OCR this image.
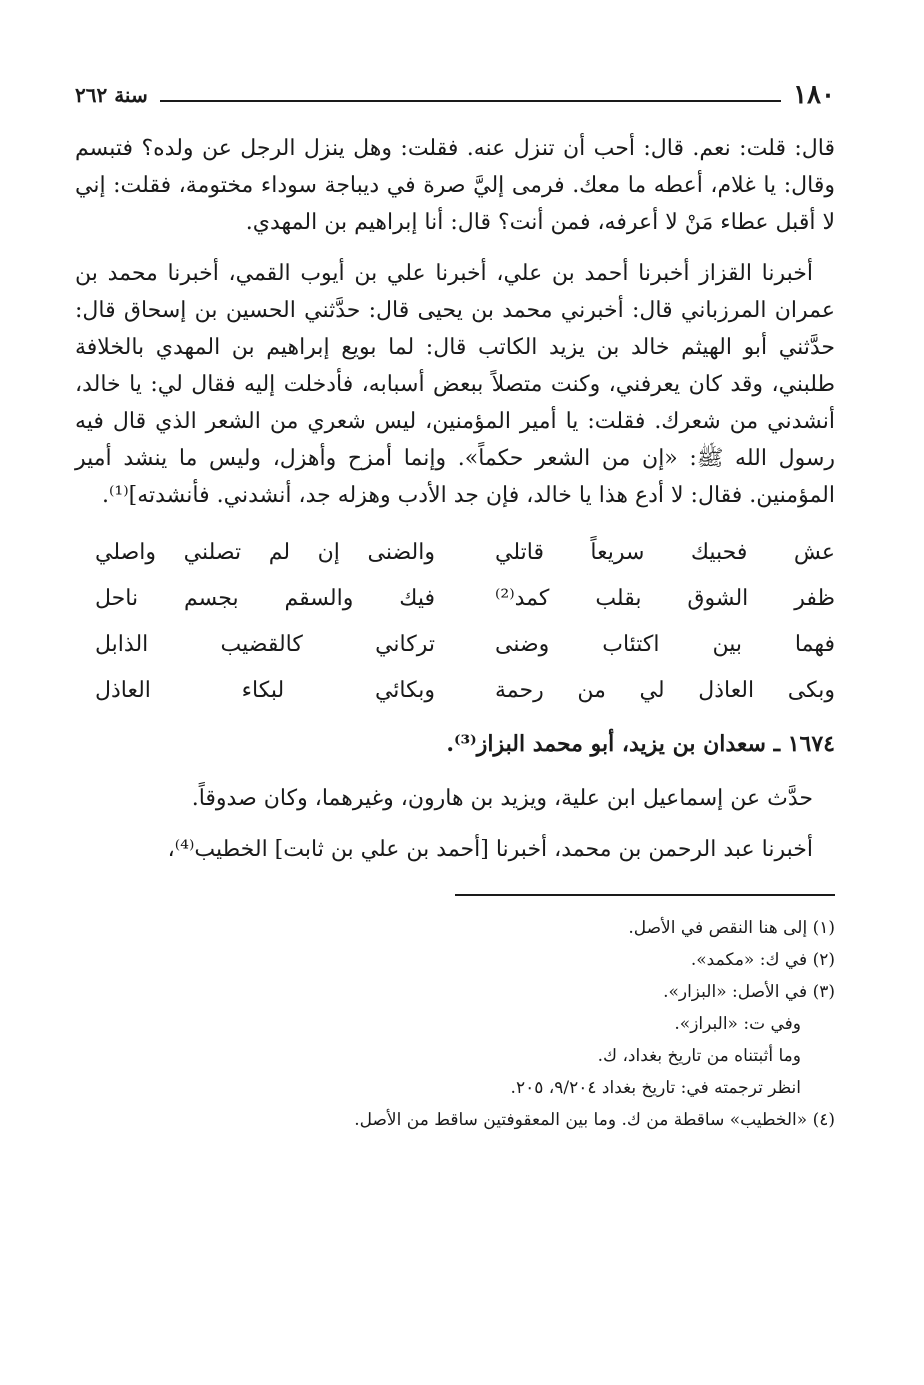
١٨٠
سنة ٢٦٢

قال: قلت: نعم. قال: أحب أن تنزل عنه. فقلت: وهل ينزل الرجل عن ولده؟ فتبسم وقال: يا غلام، أعطه ما معك. فرمى إليَّ صرة في ديباجة سوداء مختومة، فقلت: إني لا أقبل عطاء مَنْ لا أعرفه، فمن أنت؟ قال: أنا إبراهيم بن المهدي.

أخبرنا القزاز أخبرنا أحمد بن علي، أخبرنا علي بن أيوب القمي، أخبرنا محمد بن عمران المرزباني قال: أخبرني محمد بن يحيى قال: حدَّثني الحسين بن إسحاق قال: حدَّثني أبو الهيثم خالد بن يزيد الكاتب قال: لما بويع إبراهيم بن المهدي بالخلافة طلبني، وقد كان يعرفني، وكنت متصلاً ببعض أسبابه، فأدخلت إليه فقال لي: يا خالد، أنشدني من شعرك. فقلت: يا أمير المؤمنين، ليس شعري من الشعر الذي قال فيه رسول الله ﷺ: «إن من الشعر حكماً». وإنما أمزح وأهزل، وليس ما ينشد أمير المؤمنين. فقال: لا أدع هذا يا خالد، فإن جد الأدب وهزله جد، أنشدني. فأنشدته]⁽¹⁾.

عش فحبيك سريعاً قاتلي
والضنى إن لم تصلني واصلي
ظفر الشوق بقلب كمد⁽²⁾
فيك والسقم بجسم ناحل
فهما بين اكتئاب وضنى
تركاني كالقضيب الذابل
وبكى العاذل لي من رحمة
وبكائي لبكاء العاذل
١٦٧٤ ـ سعدان بن يزيد، أبو محمد البزاز⁽³⁾.

حدَّث عن إسماعيل ابن علية، ويزيد بن هارون، وغيرهما، وكان صدوقاً.

أخبرنا عبد الرحمن بن محمد، أخبرنا [أحمد بن علي بن ثابت] الخطيب⁽⁴⁾،

(١) إلى هنا النقص في الأصل.

(٢) في ك: «مكمد».

(٣) في الأصل: «البزار».

وفي ت: «البراز».

وما أثبتناه من تاريخ بغداد، ك.

انظر ترجمته في: تاريخ بغداد ٩/٢٠٤، ٢٠٥.

(٤) «الخطيب» ساقطة من ك. وما بين المعقوفتين ساقط من الأصل.
